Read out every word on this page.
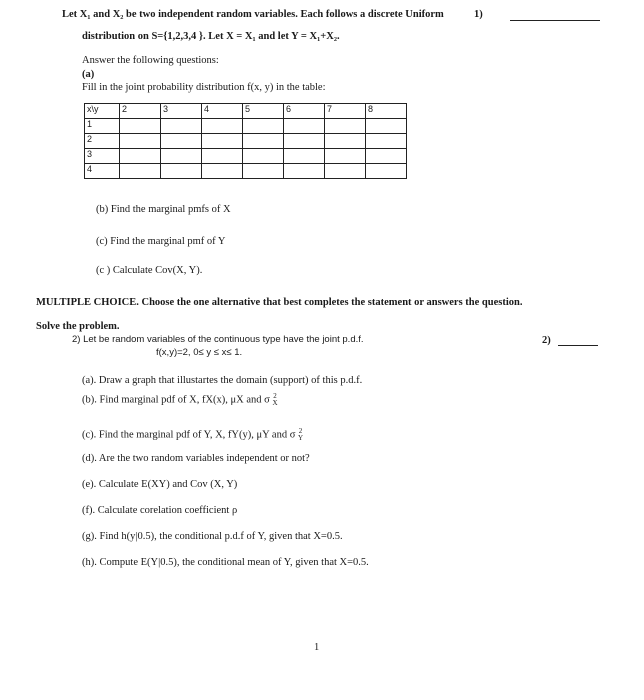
Let X₁ and X₂ be two independent random variables. Each follows a discrete Uniform	1)
distribution on S={1,2,3,4 }. Let X = X₁ and let Y = X₁+X₂.
Answer the following questions:
(a)
Fill in the joint probability distribution f(x, y) in the table:
x\y	2	3	4	5	6	7	8
1							
2							
3							
4							
(b) Find the marginal pmfs of X
(c) Find the marginal pmf of Y
(c ) Calculate Cov(X, Y).
MULTIPLE CHOICE. Choose the one alternative that best completes the statement or answers the question.
Solve the problem.
2) Let be random variables of the continuous type have the joint p.d.f.
f(x,y)=2, 0≤ y ≤ x≤ 1.
2)
(a). Draw a graph that illustartes the domain (support) of this p.d.f.
(b). Find marginal pdf of X, fX(x), μX and σ 2
X
(c). Find the marginal pdf of Y, X, fY(y), μY and σ 2
Y
(d). Are the two random variables independent or not?
(e). Calculate E(XY) and Cov (X, Y)
(f). Calculate corelation coefficient ρ
(g). Find h(y|0.5), the conditional p.d.f of Y, given that X=0.5.
(h). Compute E(Y|0.5), the conditional mean of Y, given that X=0.5.
1
